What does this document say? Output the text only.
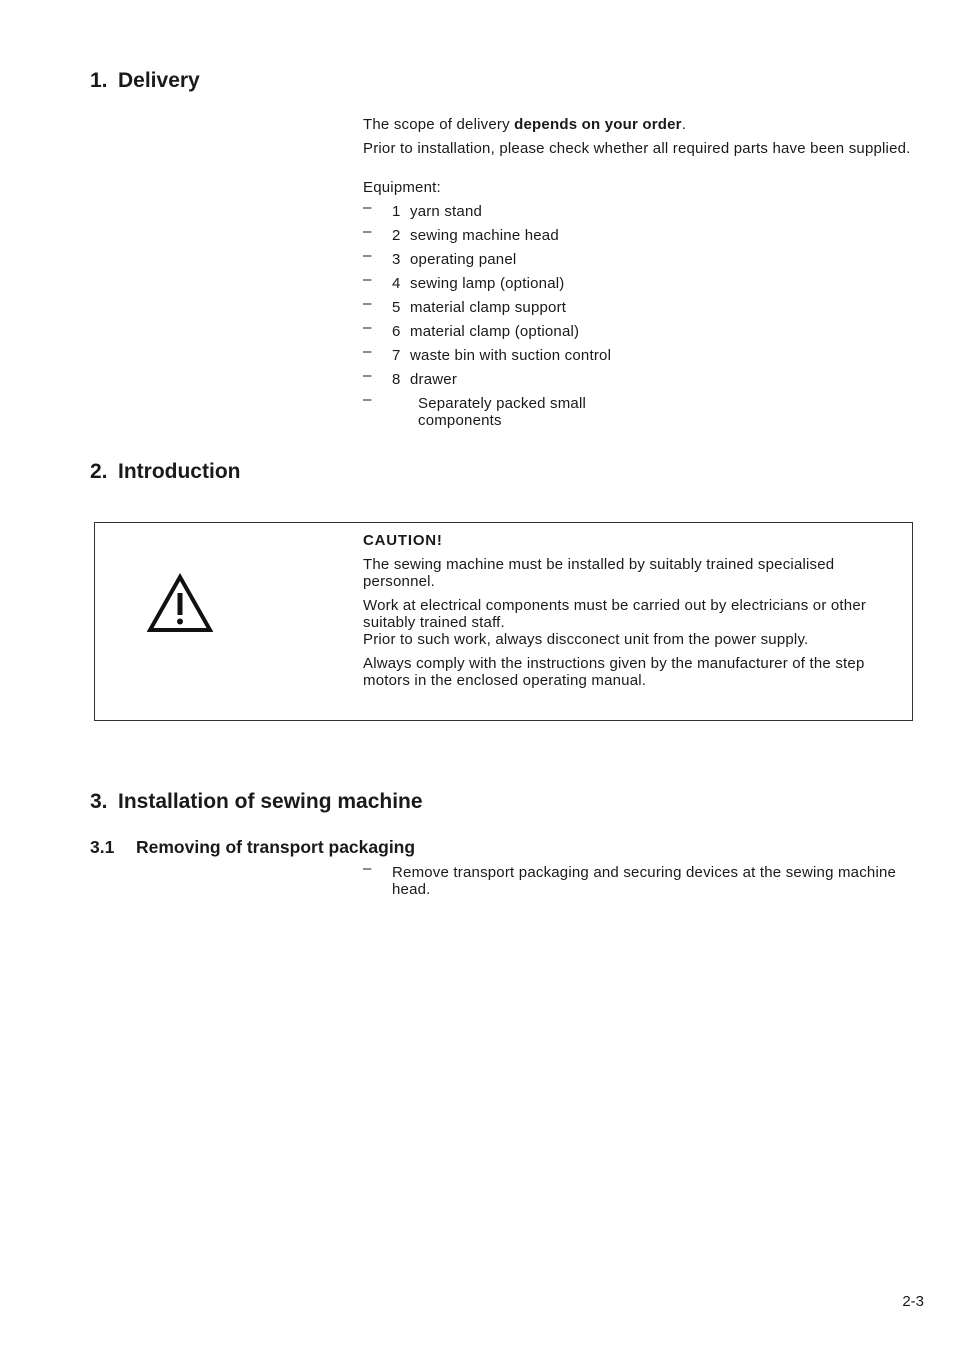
1. Delivery

The scope of delivery depends on your order.

Prior to installation, please check whether all required parts have been supplied.

Equipment:

– 1 yarn stand
– 2 sewing machine head
– 3 operating panel
– 4 sewing lamp (optional)
– 5 material clamp support
– 6 material clamp (optional)
– 7 waste bin with suction control
– 8 drawer
–	Separately packed small
components
2. Introduction

CAUTION!

The sewing machine must be installed by suitably trained specialised personnel.

Work at electrical components must be carried out by electricians or other suitably trained staff.

Prior to such work, always discconect unit from the power supply.

Always comply with the instructions given by the manufacturer of the step motors in the enclosed operating manual.

3. Installation of sewing machine
3.1 Removing of transport packaging
– Remove transport packaging and securing devices at the sewing machine head.
2-3
